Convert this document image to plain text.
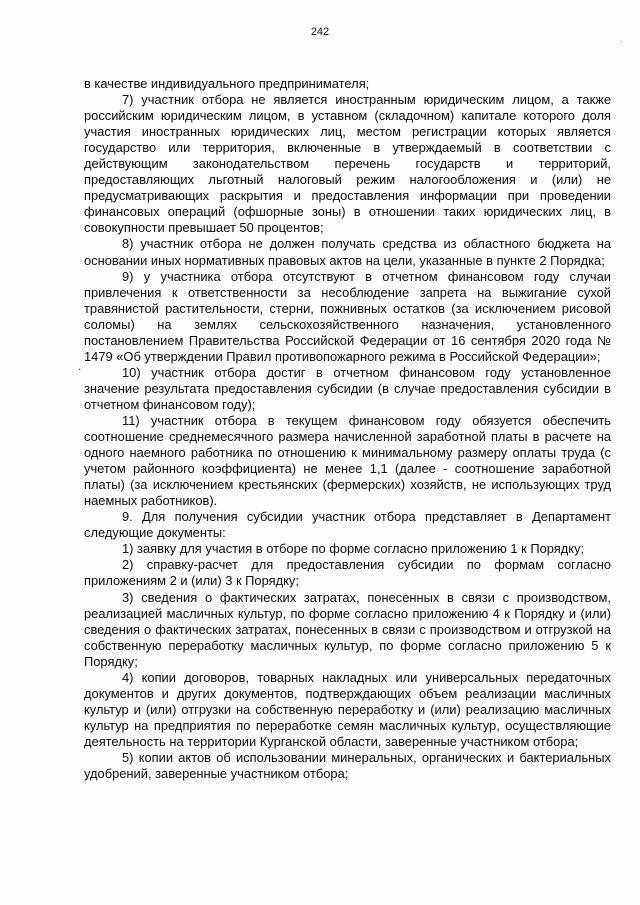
242

в качестве индивидуального предпринимателя;

7) участник отбора не является иностранным юридическим лицом, а также российским юридическим лицом, в уставном (складочном) капитале которого доля участия иностранных юридических лиц, местом регистрации которых является государство или территория, включенные в утверждаемый в соответствии с действующим законодательством перечень государств и территорий, предоставляющих льготный налоговый режим налогообложения и (или) не предусматривающих раскрытия и предоставления информации при проведении финансовых операций (офшорные зоны) в отношении таких юридических лиц, в совокупности превышает 50 процентов;

8) участник отбора не должен получать средства из областного бюджета на основании иных нормативных правовых актов на цели, указанные в пункте 2 Порядка;

9) у участника отбора отсутствуют в отчетном финансовом году случаи привлечения к ответственности за несоблюдение запрета на выжигание сухой травянистой растительности, стерни, пожнивных остатков (за исключением рисовой соломы) на землях сельскохозяйственного назначения, установленного постановлением Правительства Российской Федерации от 16 сентября 2020 года № 1479 «Об утверждении Правил противопожарного режима в Российской Федерации»;

10) участник отбора достиг в отчетном финансовом году установленное значение результата предоставления субсидии (в случае предоставления субсидии в отчетном финансовом году);

11) участник отбора в текущем финансовом году обязуется обеспечить соотношение среднемесячного размера начисленной заработной платы в расчете на одного наемного работника по отношению к минимальному размеру оплаты труда (с учетом районного коэффициента) не менее 1,1 (далее - соотношение заработной платы) (за исключением крестьянских (фермерских) хозяйств, не использующих труд наемных работников).

9. Для получения субсидии участник отбора представляет в Департамент следующие документы:

1) заявку для участия в отборе по форме согласно приложению 1 к Порядку;

2) справку-расчет для предоставления субсидии по формам согласно приложениям 2 и (или) 3 к Порядку;

3) сведения о фактических затратах, понесенных в связи с производством, реализацией масличных культур, по форме согласно приложению 4 к Порядку и (или) сведения о фактических затратах, понесенных в связи с производством и отгрузкой на собственную переработку масличных культур, по форме согласно приложению 5 к Порядку;

4) копии договоров, товарных накладных или универсальных передаточных документов и других документов, подтверждающих объем реализации масличных культур и (или) отгрузки на собственную переработку и (или) реализацию масличных культур на предприятия по переработке семян масличных культур, осуществляющие деятельность на территории Курганской области, заверенные участником отбора;

5) копии актов об использовании минеральных, органических и бактериальных удобрений, заверенные участником отбора;

.
·
